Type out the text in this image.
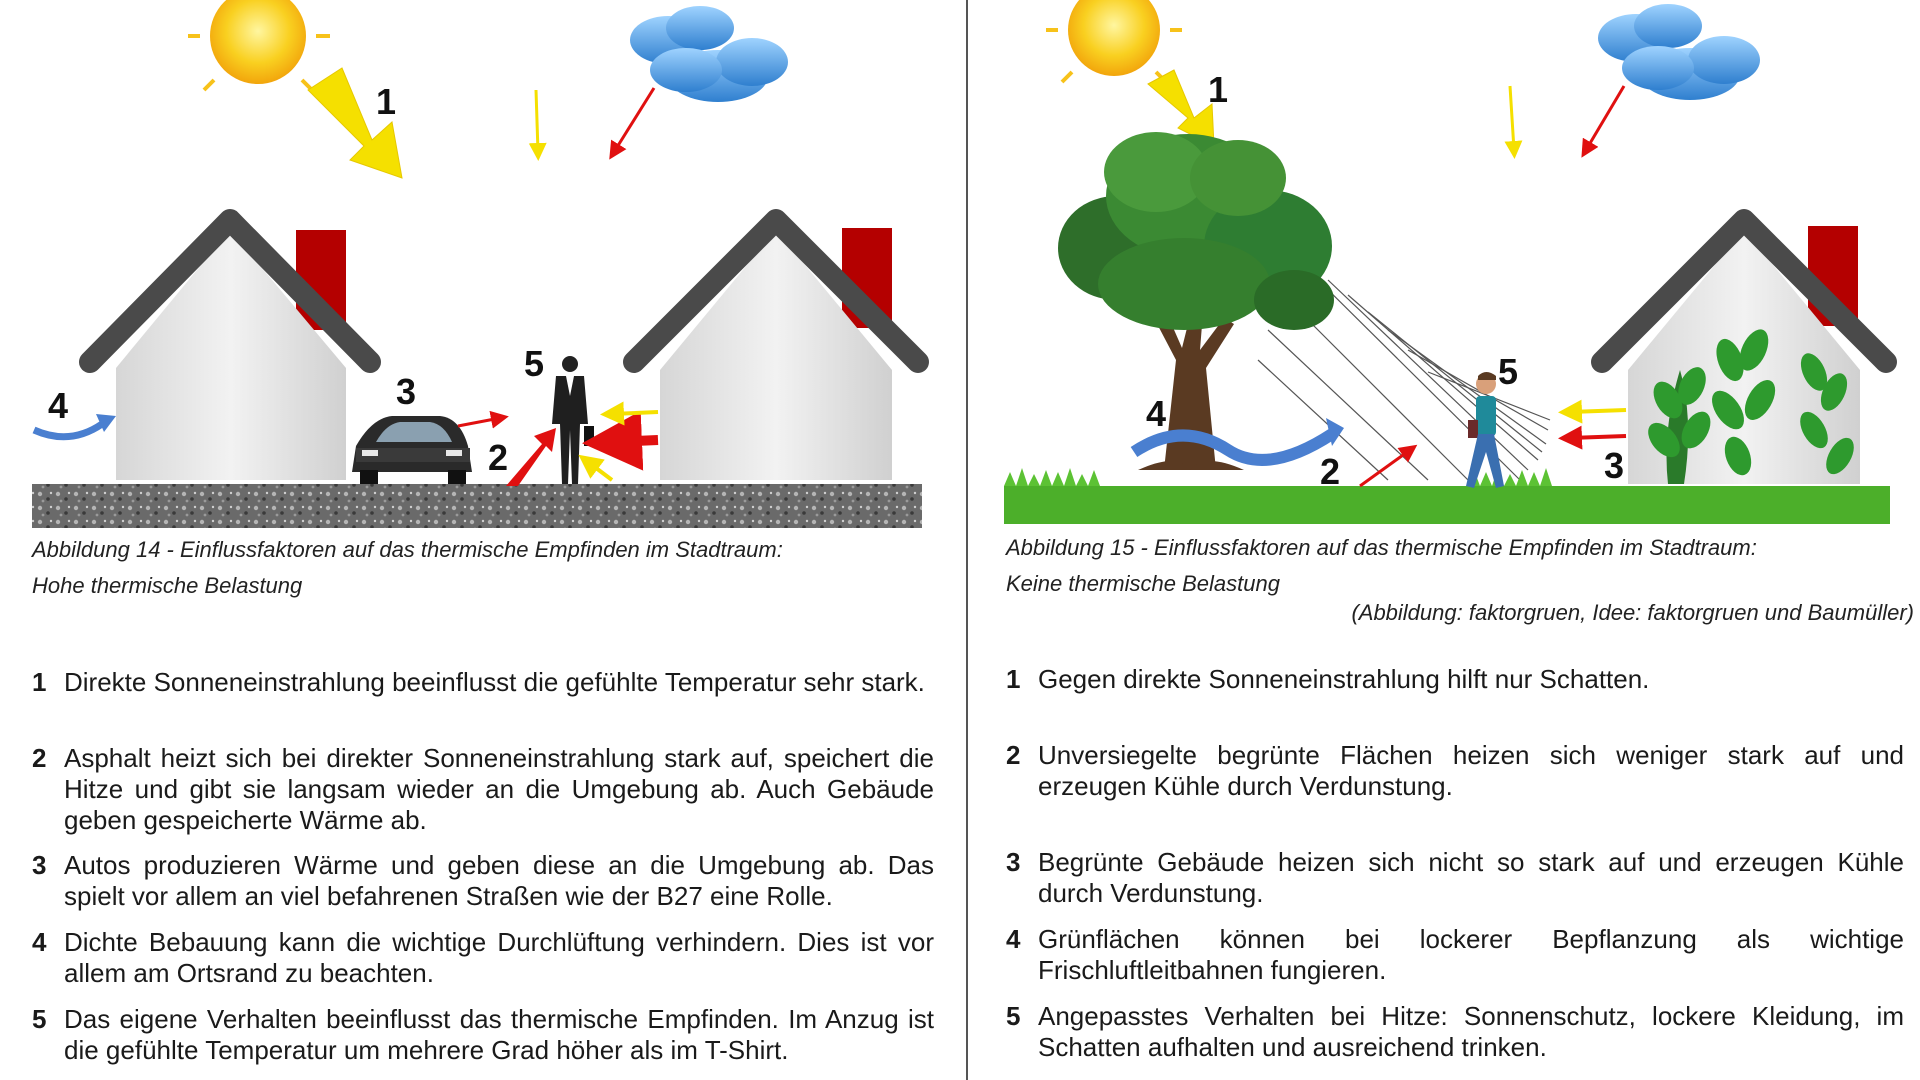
1
2
3
4
5
Abbildung 14 - Einflussfaktoren auf das thermische Empfinden im Stadtraum:
Hohe thermische Belastung
1 Direkte Sonneneinstrahlung beeinflusst die gefühlte Temperatur sehr stark.
2 Asphalt heizt sich bei direkter Sonneneinstrahlung stark auf, speichert die Hitze und gibt sie langsam wieder an die Umgebung ab. Auch Gebäude geben gespeicherte Wärme ab.
3 Autos produzieren Wärme und geben diese an die Umgebung ab. Das spielt vor allem an viel befahrenen Straßen wie der B27 eine Rolle.
4 Dichte Bebauung kann die wichtige Durchlüftung verhindern. Dies ist vor allem am Ortsrand zu beachten.
5 Das eigene Verhalten beeinflusst das thermische Empfinden. Im Anzug ist die gefühlte Temperatur um mehrere Grad höher als im T-Shirt.
1
2	3
4
5
Abbildung 15 - Einflussfaktoren auf das thermische Empfinden im Stadtraum:
Keine thermische Belastung
(Abbildung: faktorgruen, Idee: faktorgruen und Baumüller)
1 Gegen direkte Sonneneinstrahlung hilft nur Schatten.
2 Unversiegelte begrünte Flächen heizen sich weniger stark auf und erzeugen Kühle durch Verdunstung.
3 Begrünte Gebäude heizen sich nicht so stark auf und erzeugen Kühle durch Verdunstung.
4 Grünflächen können bei lockerer Bepflanzung als wichtige Frischluftleitbahnen fungieren.
5 Angepasstes Verhalten bei Hitze: Sonnenschutz, lockere Kleidung, im Schatten aufhalten und ausreichend trinken.
